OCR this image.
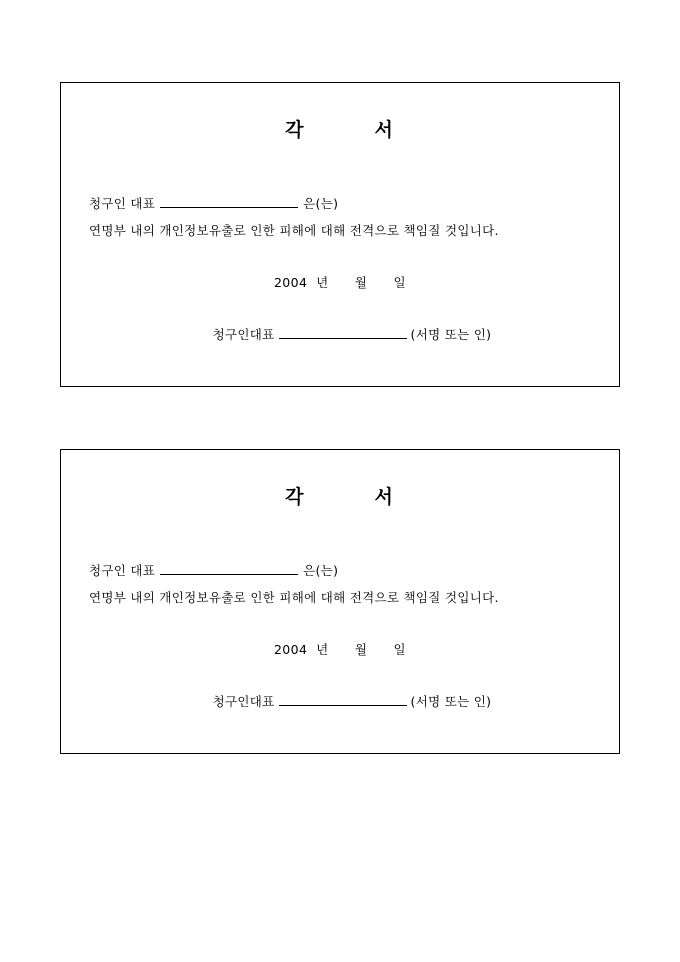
각        서
청구인 대표	은(는)
연명부 내의 개인정보유출로 인한 피해에 대해 전격으로 책임질 것입니다.
2004  년      월      일
청구인대표	(서명 또는 인)
각        서
청구인 대표	은(는)
연명부 내의 개인정보유출로 인한 피해에 대해 전격으로 책임질 것입니다.
2004  년      월      일
청구인대표	(서명 또는 인)
